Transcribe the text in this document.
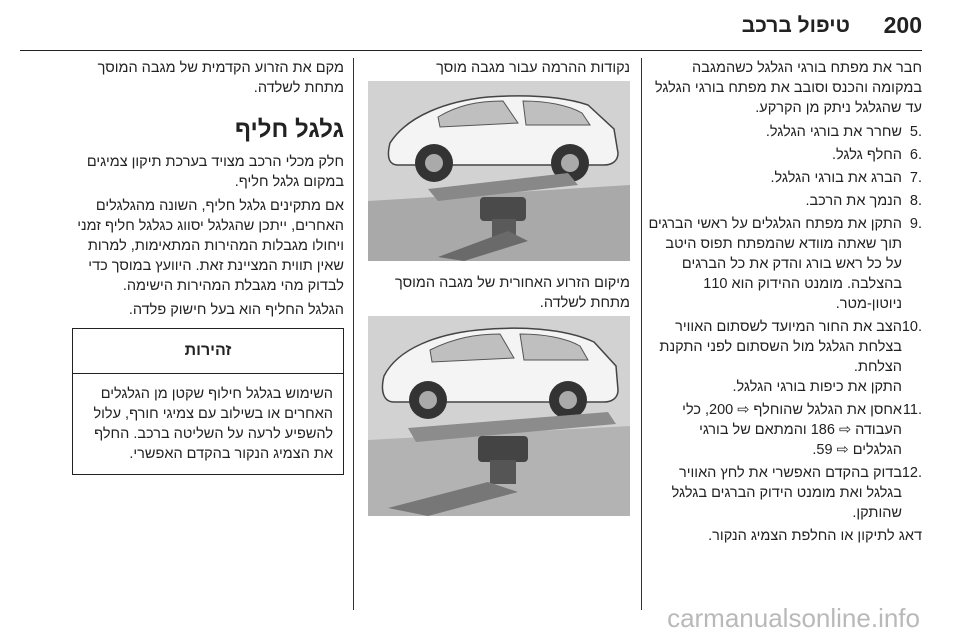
200
טיפול ברכב

חבר את מפתח בורגי הגלגל כשהמגבה במקומה והכנס וסובב את מפתח בורגי הגלגל עד שהגלגל ניתק מן הקרקע.

5.
שחרר את בורגי הגלגל.
6.
החלף גלגל.
7.
הברג את בורגי הגלגל.
8.
הנמך את הרכב.
9.
התקן את מפתח הגלגלים על ראשי הברגים תוך שאתה מוודא שהמפתח תפוס היטב על כל ראש בורג והדק את כל הברגים בהצלבה. מומנט ההידוק הוא 110 ניוטון-מטר.
10.
הצב את החור המיועד לשסתום האוויר בצלחת הגלגל מול השסתום לפני התקנת הצלחת.
התקן את כיפות בורגי הגלגל.
11.
אחסן את הגלגל שהוחלף ⇨ 200, כלי העבודה ⇨ 186 והמתאם של בורגי הגלגלים ⇨ 59.
12.
בדוק בהקדם האפשרי את לחץ האוויר בגלגל ואת מומנט הידוק הברגים בגלגל שהותקן.

דאג לתיקון או החלפת הצמיג הנקור.

נקודות ההרמה עבור מגבה מוסך

מיקום הזרוע האחורית של מגבה המוסך מתחת לשלדה.

מקם את הזרוע הקדמית של מגבה המוסך מתחת לשלדה.

גלגל חליף

חלק מכלי הרכב מצויד בערכת תיקון צמיגים במקום גלגל חליף.

אם מתקינים גלגל חליף, השונה מהגלגלים האחרים, ייתכן שהגלגל יסווג כגלגל חליף זמני ויחולו מגבלות המהירות המתאימות, למרות שאין תווית המציינת זאת. היוועץ במוסך כדי לבדוק מהי מגבלת המהירות הישימה.

הגלגל החליף הוא בעל חישוק פלדה.

זהירות
השימוש בגלגל חילוף שקטן מן הגלגלים האחרים או בשילוב עם צמיגי חורף, עלול להשפיע לרעה על השליטה ברכב. החלף את הצמיג הנקור בהקדם האפשרי.
carmanualsonline.info
